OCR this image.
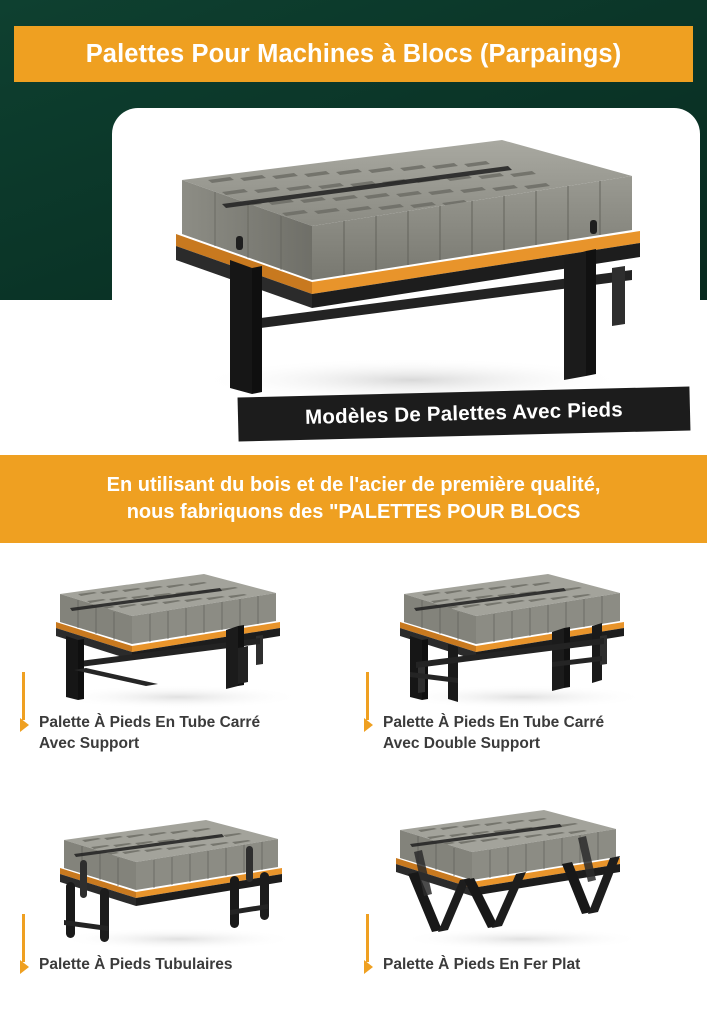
Palettes Pour Machines à Blocs (Parpaings)
Modèles De Palettes Avec Pieds
En utilisant du bois et de l'acier de première qualité,
nous fabriquons des "PALETTES POUR BLOCS
Palette À Pieds En Tube Carré
Avec Support
Palette À Pieds En Tube Carré
Avec Double Support
Palette À Pieds Tubulaires	Palette À Pieds En Fer Plat
